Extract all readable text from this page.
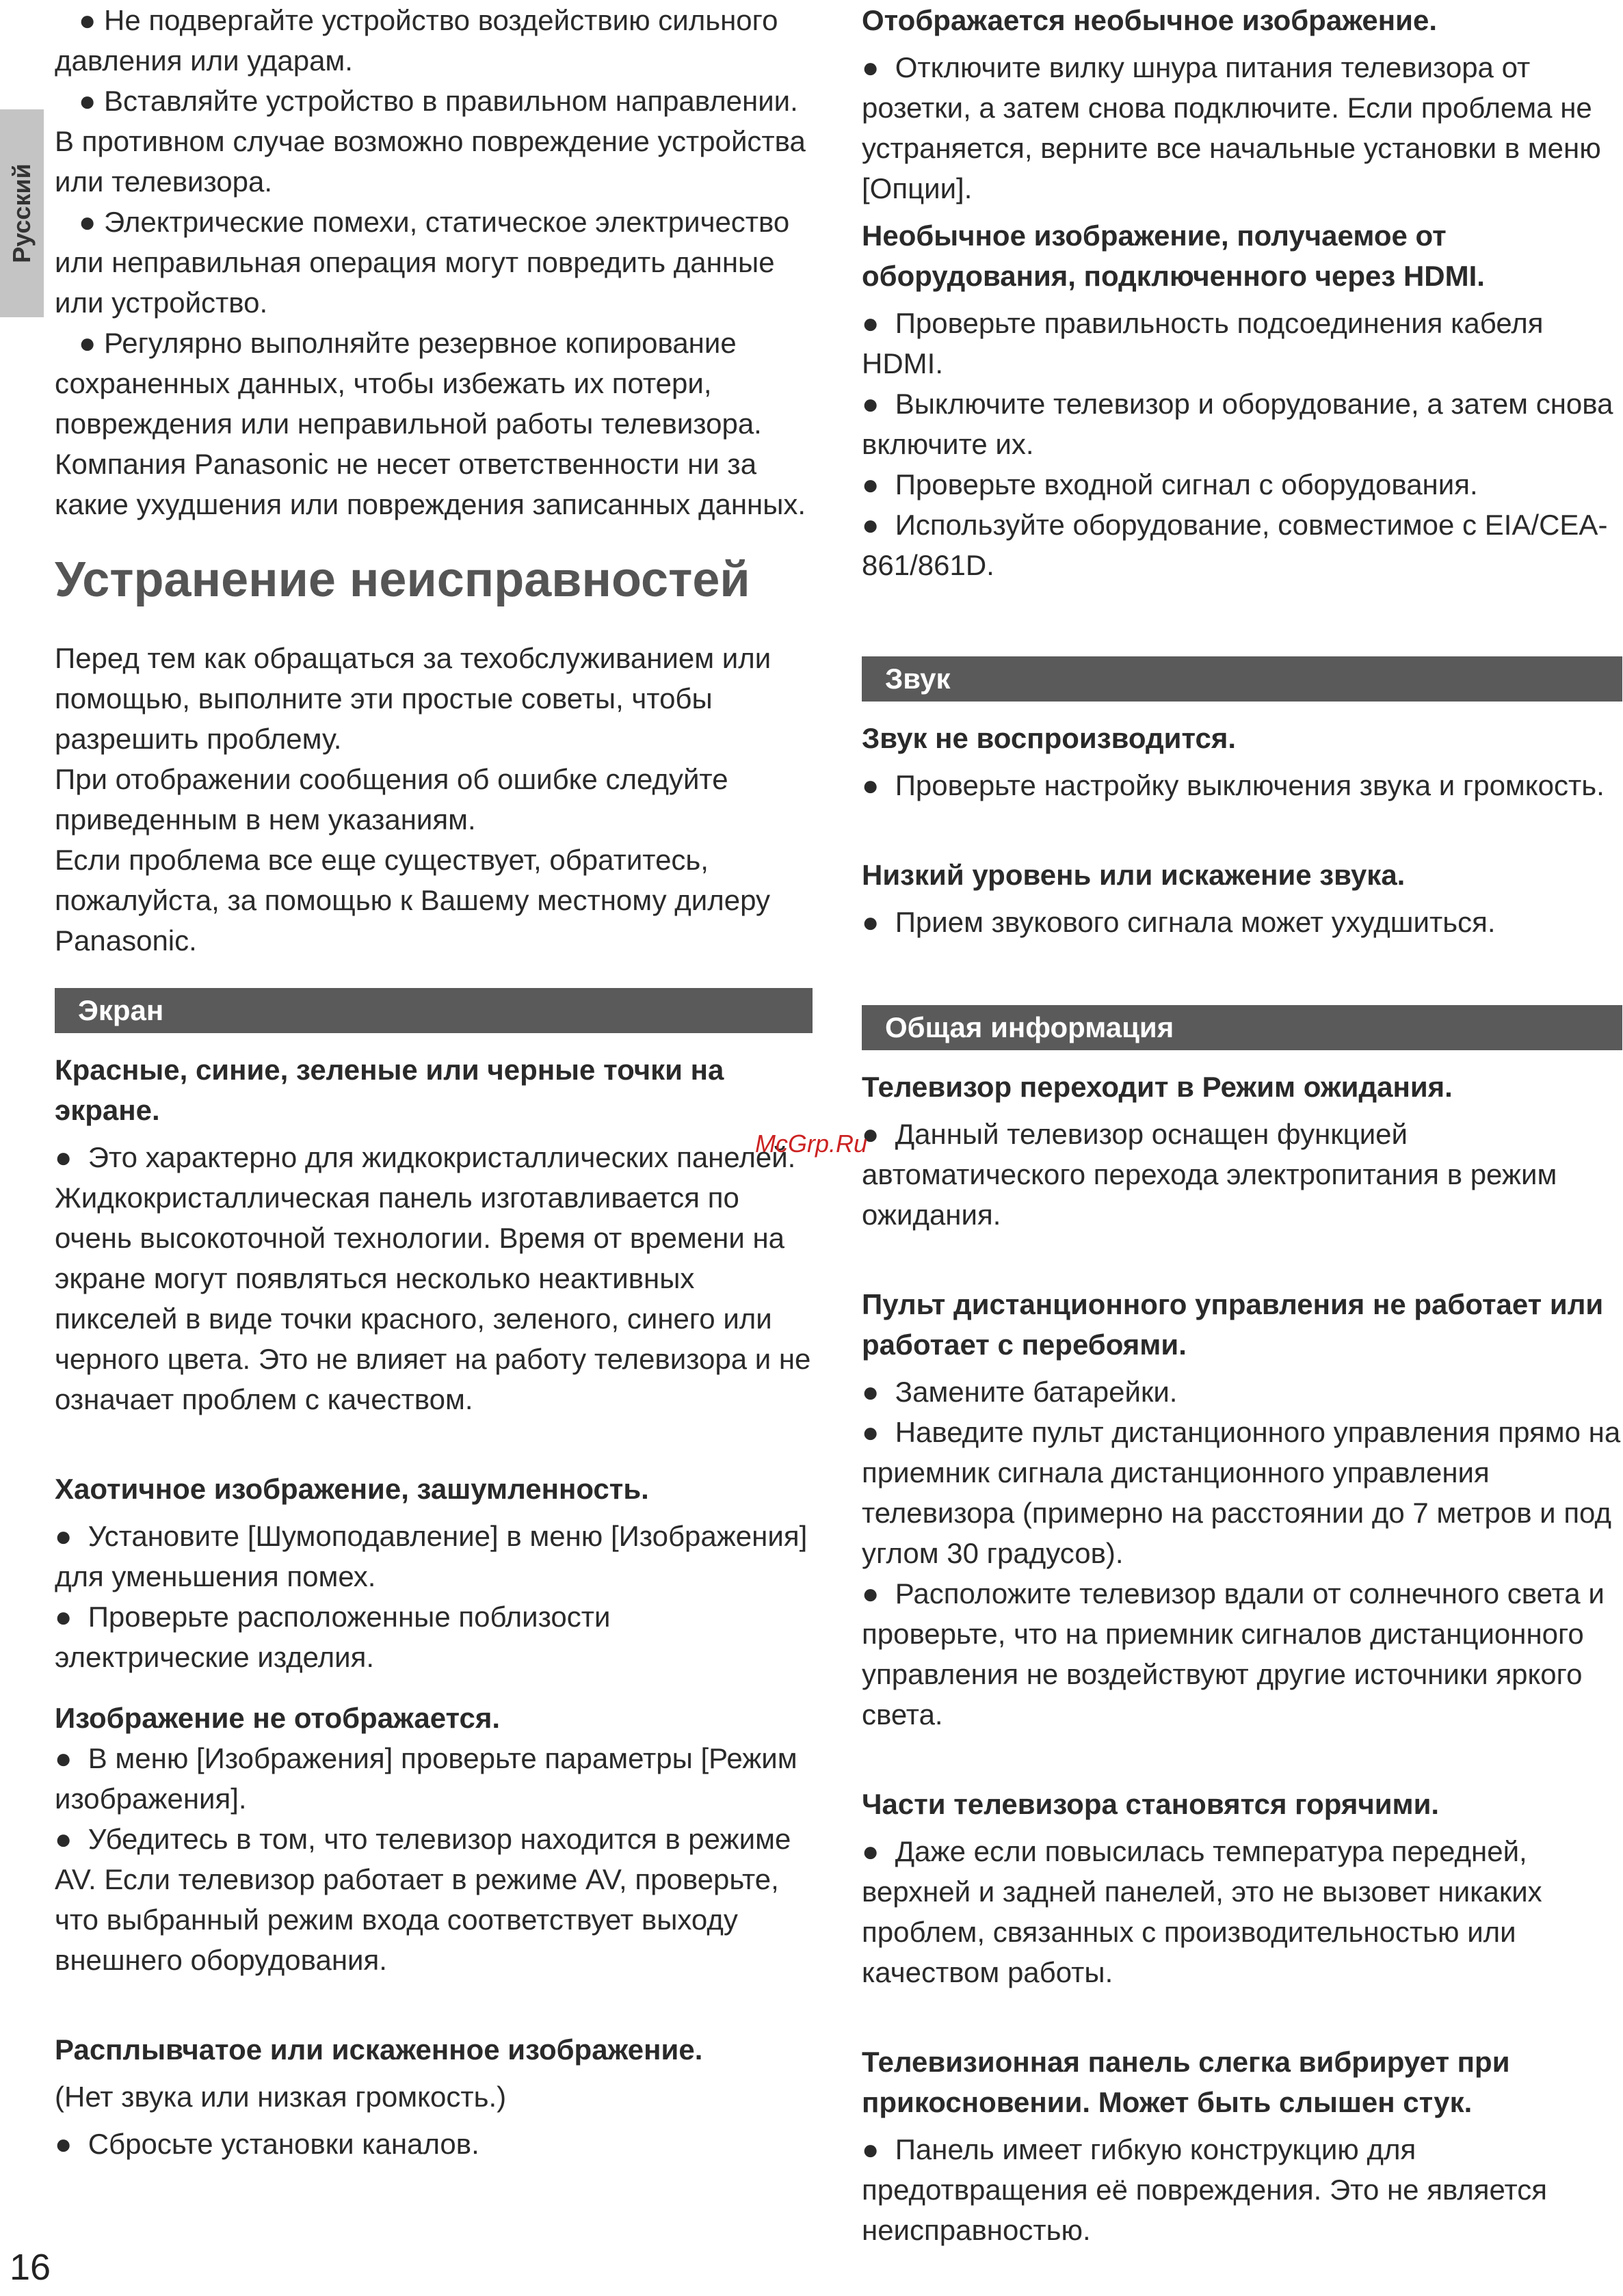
Русский

● Не подвергайте устройство воздействию сильного давления или ударам.

● Вставляйте устройство в правильном направлении. В противном случае возможно повреждение устройства или телевизора.

● Электрические помехи, статическое электричество или неправильная операция могут повредить данные или устройство.

● Регулярно выполняйте резервное копирование сохраненных данных, чтобы избежать их потери, повреждения или неправильной работы телевизора. Компания Panasonic не несет ответственности ни за какие ухудшения или повреждения записанных данных.

Устранение неисправностей

Перед тем как обращаться за техобслуживанием или помощью, выполните эти простые советы, чтобы разрешить проблему.

При отображении сообщения об ошибке следуйте приведенным в нем указаниям.

Если проблема все еще существует, обратитесь, пожалуйста, за помощью к Вашему местному дилеру Panasonic.

Экран

Красные, синие, зеленые или черные точки на экране.

●  Это характерно для жидкокристаллических панелей. Жидкокристаллическая панель изготавливается по очень высокоточной технологии. Время от времени на экране могут появляться несколько неактивных пикселей в виде точки красного, зеленого, синего или черного цвета. Это не влияет на работу телевизора и не означает проблем с качеством.

Хаотичное изображение, зашумленность.

●  Установите [Шумоподавление] в меню [Изображения] для уменьшения помех.

●  Проверьте расположенные поблизости электрические изделия.

Изображение не отображается.

●  В меню [Изображения] проверьте параметры [Режим изображения].

●  Убедитесь в том, что телевизор находится в режиме AV. Если телевизор работает в режиме AV, проверьте, что выбранный режим входа соответствует выходу внешнего оборудования.

Расплывчатое или искаженное изображение.

(Нет звука или низкая громкость.)

●  Сбросьте установки каналов.

Отображается необычное изображение.

●  Отключите вилку шнура питания телевизора от розетки, а затем снова подключите. Если проблема не устраняется, верните все начальные установки в меню [Опции].

Необычное изображение, получаемое от оборудования, подключенного через HDMI.

●  Проверьте правильность подсоединения кабеля HDMI.

●  Выключите телевизор и оборудование, а затем снова включите их.

●  Проверьте входной сигнал с оборудования.

●  Используйте оборудование, совместимое с EIA/CEA-861/861D.

Звук

Звук не воспроизводится.

●  Проверьте настройку выключения звука и громкость.

Низкий уровень или искажение звука.

●  Прием звукового сигнала может ухудшиться.

Общая информация

Телевизор переходит в Режим ожидания.

●  Данный телевизор оснащен функцией автоматического перехода электропитания в режим ожидания.

Пульт дистанционного управления не работает или работает с перебоями.

●  Замените батарейки.

●  Наведите пульт дистанционного управления прямо на приемник сигнала дистанционного управления телевизора (примерно на расстоянии до 7 метров и под углом 30 градусов).

●  Расположите телевизор вдали от солнечного света и проверьте, что на приемник сигналов дистанционного управления не воздействуют другие источники яркого света.

Части телевизора становятся горячими.

●  Даже если повысилась температура передней, верхней и задней панелей, это не вызовет никаких проблем, связанных с производительностью или качеством работы.

Телевизионная панель слегка вибрирует при прикосновении. Может быть слышен стук.

●  Панель имеет гибкую конструкцию для предотвращения её повреждения. Это не является неисправностью.

McGrp.Ru
16
